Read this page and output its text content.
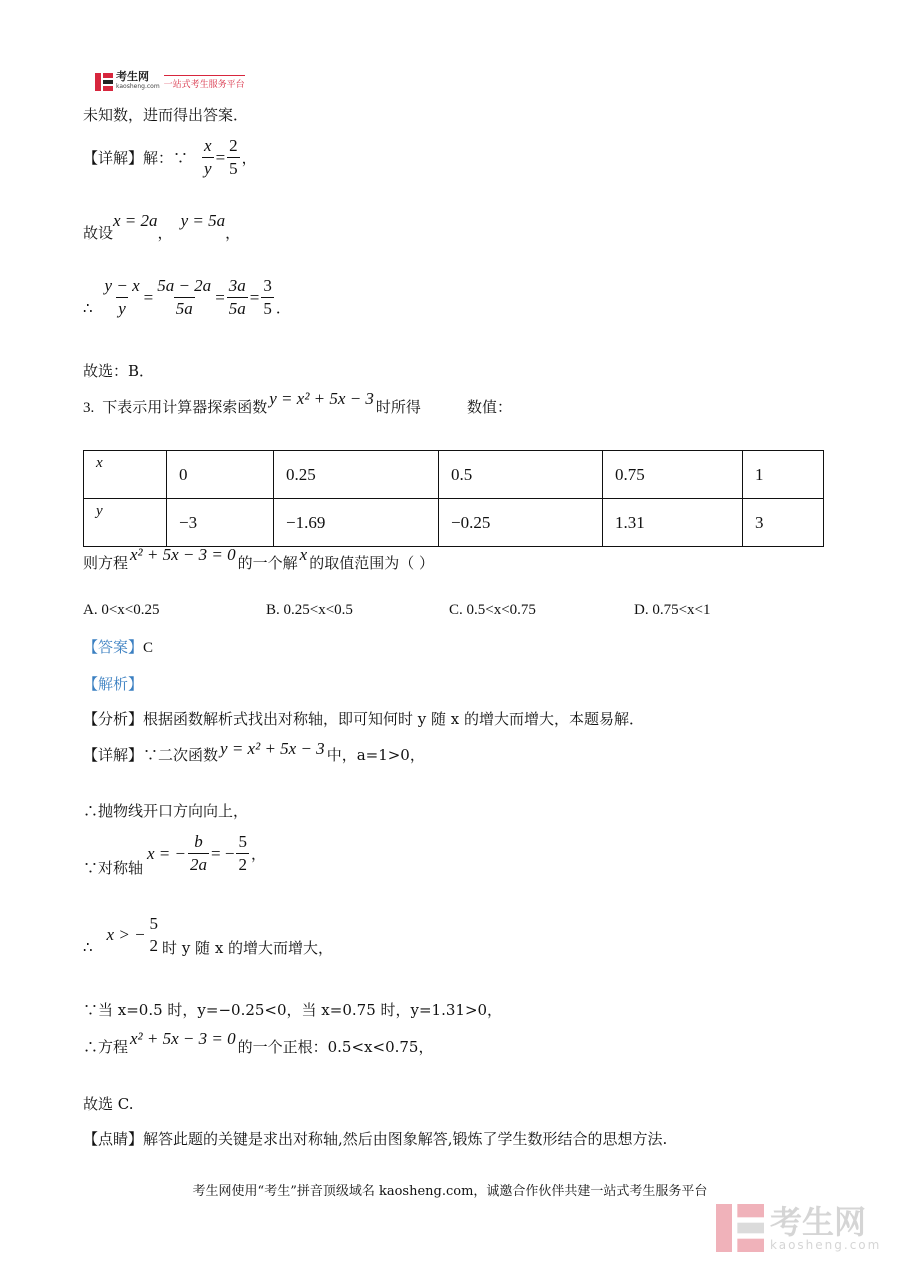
考生网
kaosheng.com 一站式考生服务平台
未知数，进而得出答案．
【详解】 解：∵ $\frac{x}{y} = \frac{2}{5}$ ，
故设
x = 2a
，
y = 5a
，
∴ $\frac{y - x}{y} = \frac{5a - 2a}{5a} = \frac{3a}{5a} = \frac{3}{5}$ ．
故选：B．
3. 下表示用计算器探索函数 y = x² + 5x − 3 时所得	数值：
x	0	0.25	0.5	0.75	1
y	−3	−1.69	−0.25	1.31	3
则方程 x² + 5x − 3 = 0 的一个解 x 的取值范围为（ ）
A. 0<x<0.25	B. 0.25<x<0.5	C. 0.5<x<0.75	D. 0.75<x<1
【答案】C
【解析】
【分析】根据函数解析式找出对称轴，即可知何时 y 随 x 的增大而增大，本题易解．
【详解】 ∵二次函数 y = x² + 5x − 3 中，a=1>0，
∴抛物线开口方向向上，
∵对称轴
x = − $\frac{b}{2a}$ = − $\frac{5}{2}$ ，
∴
x > −
5
2 时 y 随 x 的增大而增大，
∵当 x=0.5 时，y=−0.25<0，当 x=0.75 时，y=1.31>0，
∴方程 x² + 5x − 3 = 0 的一个正根：0.5<x<0.75，
故选 C.
【点睛】解答此题的关键是求出对称轴,然后由图象解答,锻炼了学生数形结合的思想方法.
考生网使用“考生”拼音顶级域名 kaosheng.com，诚邀合作伙伴共建一站式考生服务平台
考生网
kaosheng.com
